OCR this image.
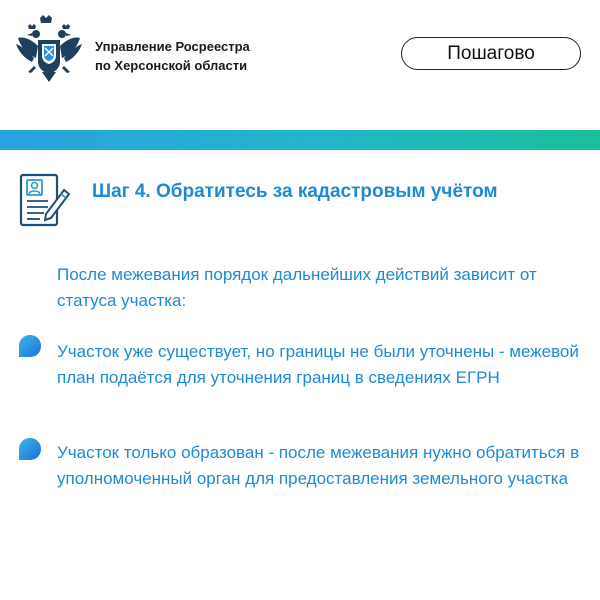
Управление Росреестра
по Херсонской области
Пошагово
Шаг 4. Обратитесь за кадастровым учётом
После межевания порядок дальнейших действий зависит от статуса участка:
Участок уже существует, но границы не были уточнены - межевой план подаётся для уточнения границ в сведениях ЕГРН
Участок только образован - после межевания нужно обратиться в уполномоченный орган для предоставления земельного участка
